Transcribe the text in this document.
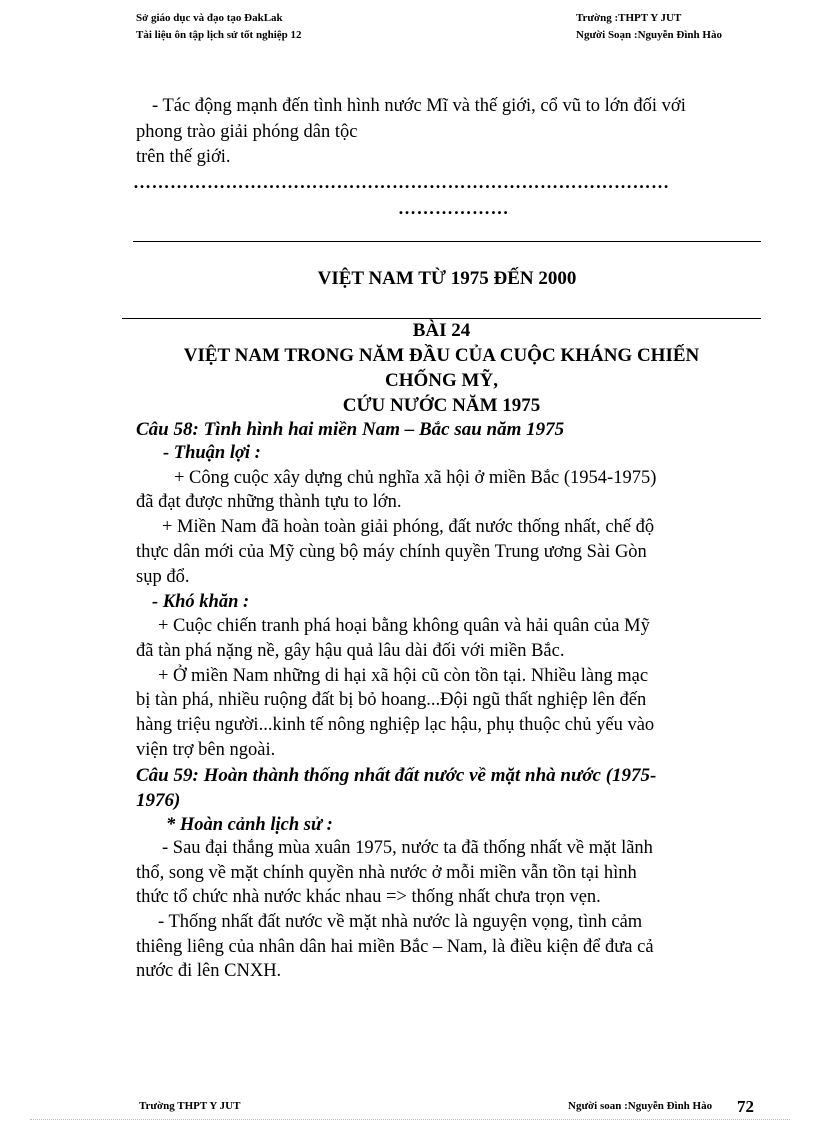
Sở giáo dục và đạo tạo ĐakLak
Tài liệu ôn tập lịch sử tốt nghiệp 12
Trường :THPT Y JUT
Người Soạn :Nguyễn Đình Hào
- Tác động mạnh đến tình hình nước Mĩ và thế giới, cổ vũ to lớn đối với
phong trào giải phóng dân tộc
trên thế giới.
……………………………………………………………………………
………………
VIỆT NAM TỪ 1975 ĐẾN 2000
BÀI 24
VIỆT NAM TRONG NĂM ĐẦU CỦA CUỘC KHÁNG CHIẾN
CHỐNG MỸ,
CỨU NƯỚC NĂM 1975
Câu 58: Tình hình hai miền Nam – Bắc sau năm 1975
- Thuận lợi :
+ Công cuộc xây dựng chủ nghĩa xã hội ở miền Bắc (1954-1975)
đã đạt được những thành tựu to lớn.
+ Miền Nam đã hoàn toàn giải phóng, đất nước thống nhất, chế độ
thực dân mới của Mỹ cùng bộ máy chính quyền Trung ương Sài Gòn
sụp đổ.
- Khó khăn :
+ Cuộc chiến tranh phá hoại bằng không quân và hải quân của Mỹ
đã tàn phá nặng nề, gây hậu quả lâu dài đối với miền Bắc.
+ Ở miền Nam những di hại xã hội cũ còn tồn tại. Nhiều làng mạc
bị tàn phá, nhiều ruộng đất bị bỏ hoang...Đội ngũ thất nghiệp lên đến
hàng triệu người...kinh tế nông nghiệp lạc hậu, phụ thuộc chủ yếu vào
viện trợ bên ngoài.
Câu 59: Hoàn thành thống nhất đất nước về mặt nhà nước (1975-
1976)
* Hoàn cảnh lịch sử :
- Sau đại thắng mùa xuân 1975, nước ta đã thống nhất về mặt lãnh
thổ, song về mặt chính quyền nhà nước ở mỗi miền vẫn tồn tại hình
thức tổ chức nhà nước khác nhau => thống nhất chưa trọn vẹn.
- Thống nhất đất nước về mặt nhà nước là nguyện vọng, tình cảm
thiêng liêng của nhân dân hai miền Bắc – Nam, là điều kiện để đưa cả
nước đi lên CNXH.
Trường THPT Y JUT	Người soan :Nguyễn Đình Hào 72
